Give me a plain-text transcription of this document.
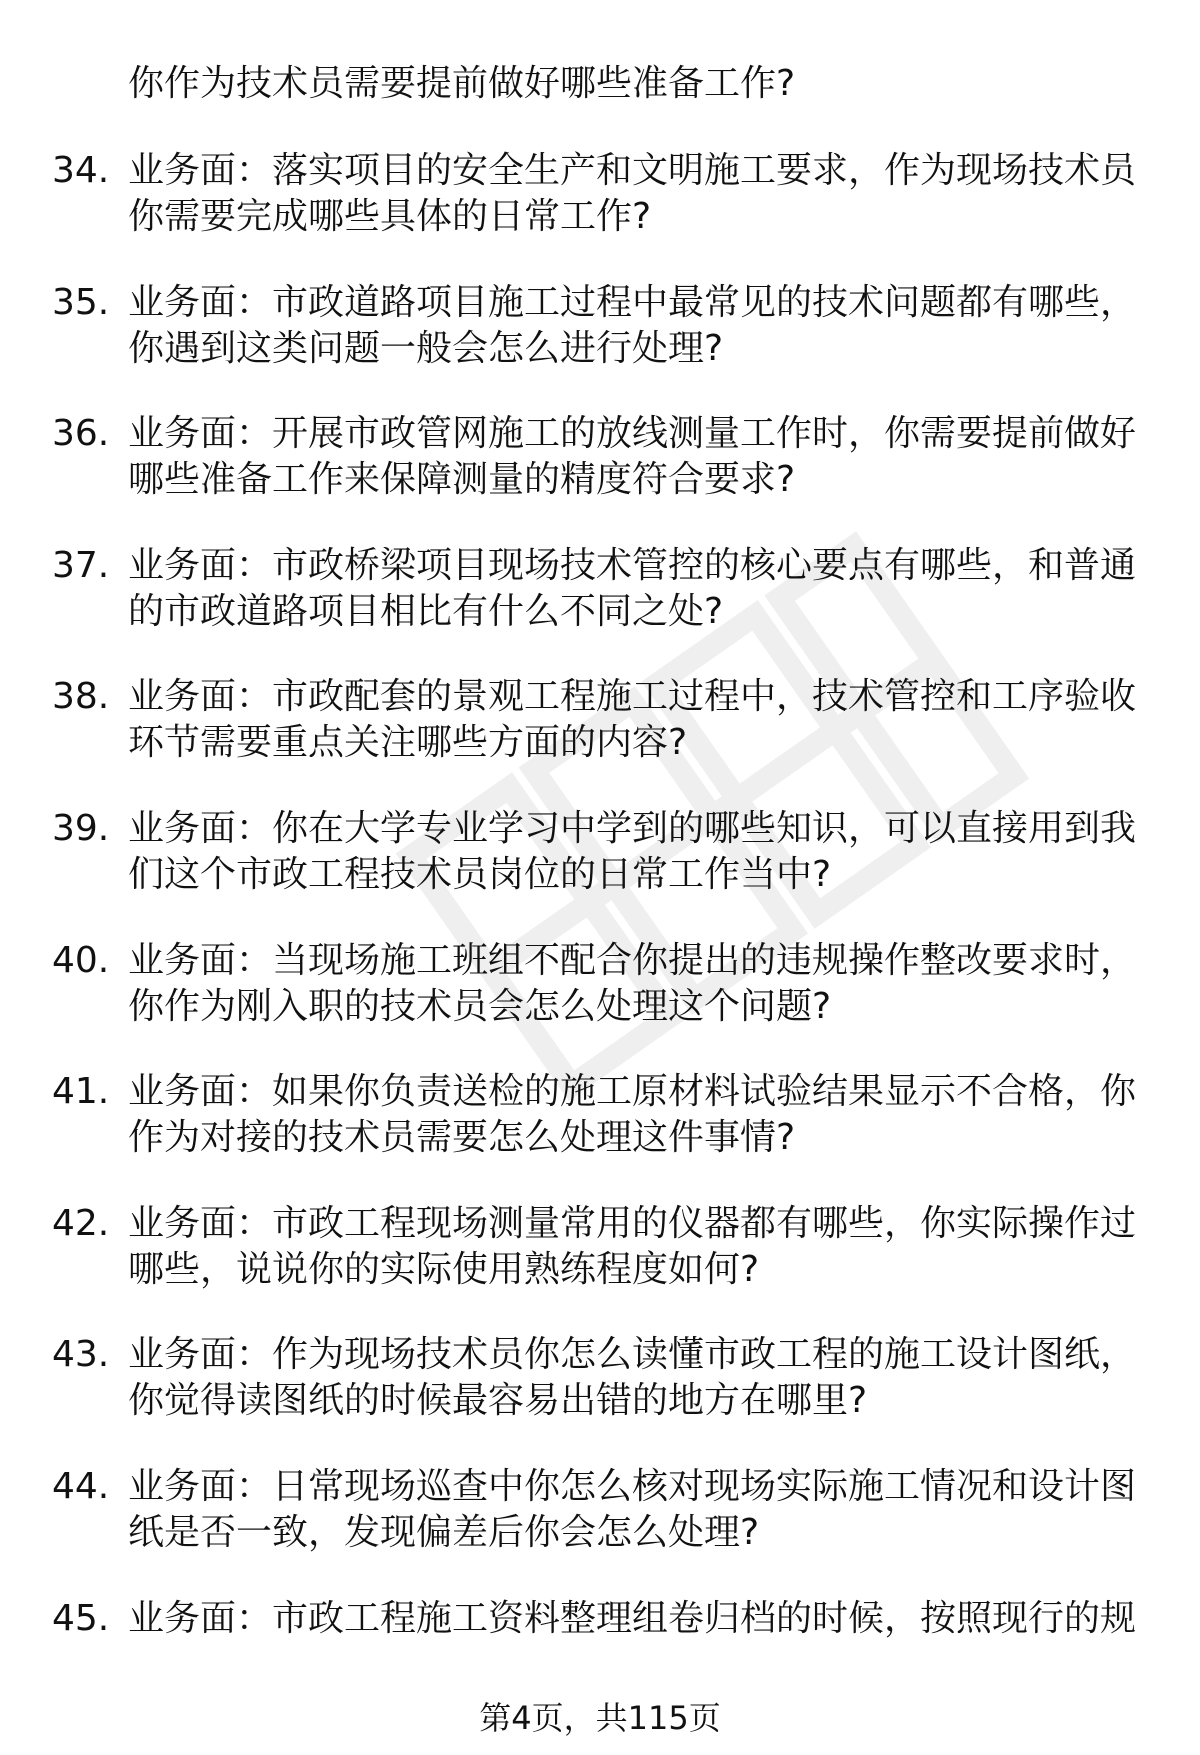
你作为技术员需要提前做好哪些准备工作?
34. 业务面：落实项目的安全生产和文明施工要求，作为现场技术员
你需要完成哪些具体的日常工作?
35. 业务面：市政道路项目施工过程中最常见的技术问题都有哪些，
你遇到这类问题一般会怎么进行处理?
36. 业务面：开展市政管网施工的放线测量工作时，你需要提前做好
哪些准备工作来保障测量的精度符合要求?
37. 业务面：市政桥梁项目现场技术管控的核心要点有哪些，和普通
的市政道路项目相比有什么不同之处?
38. 业务面：市政配套的景观工程施工过程中，技术管控和工序验收
环节需要重点关注哪些方面的内容?
39. 业务面：你在大学专业学习中学到的哪些知识，可以直接用到我
们这个市政工程技术员岗位的日常工作当中?
40. 业务面：当现场施工班组不配合你提出的违规操作整改要求时，
你作为刚入职的技术员会怎么处理这个问题?
41. 业务面：如果你负责送检的施工原材料试验结果显示不合格，你
作为对接的技术员需要怎么处理这件事情?
42. 业务面：市政工程现场测量常用的仪器都有哪些，你实际操作过
哪些，说说你的实际使用熟练程度如何?
43. 业务面：作为现场技术员你怎么读懂市政工程的施工设计图纸，
你觉得读图纸的时候最容易出错的地方在哪里?
44. 业务面：日常现场巡查中你怎么核对现场实际施工情况和设计图
纸是否一致，发现偏差后你会怎么处理?
45. 业务面：市政工程施工资料整理组卷归档的时候，按照现行的规
第4页，共115页
